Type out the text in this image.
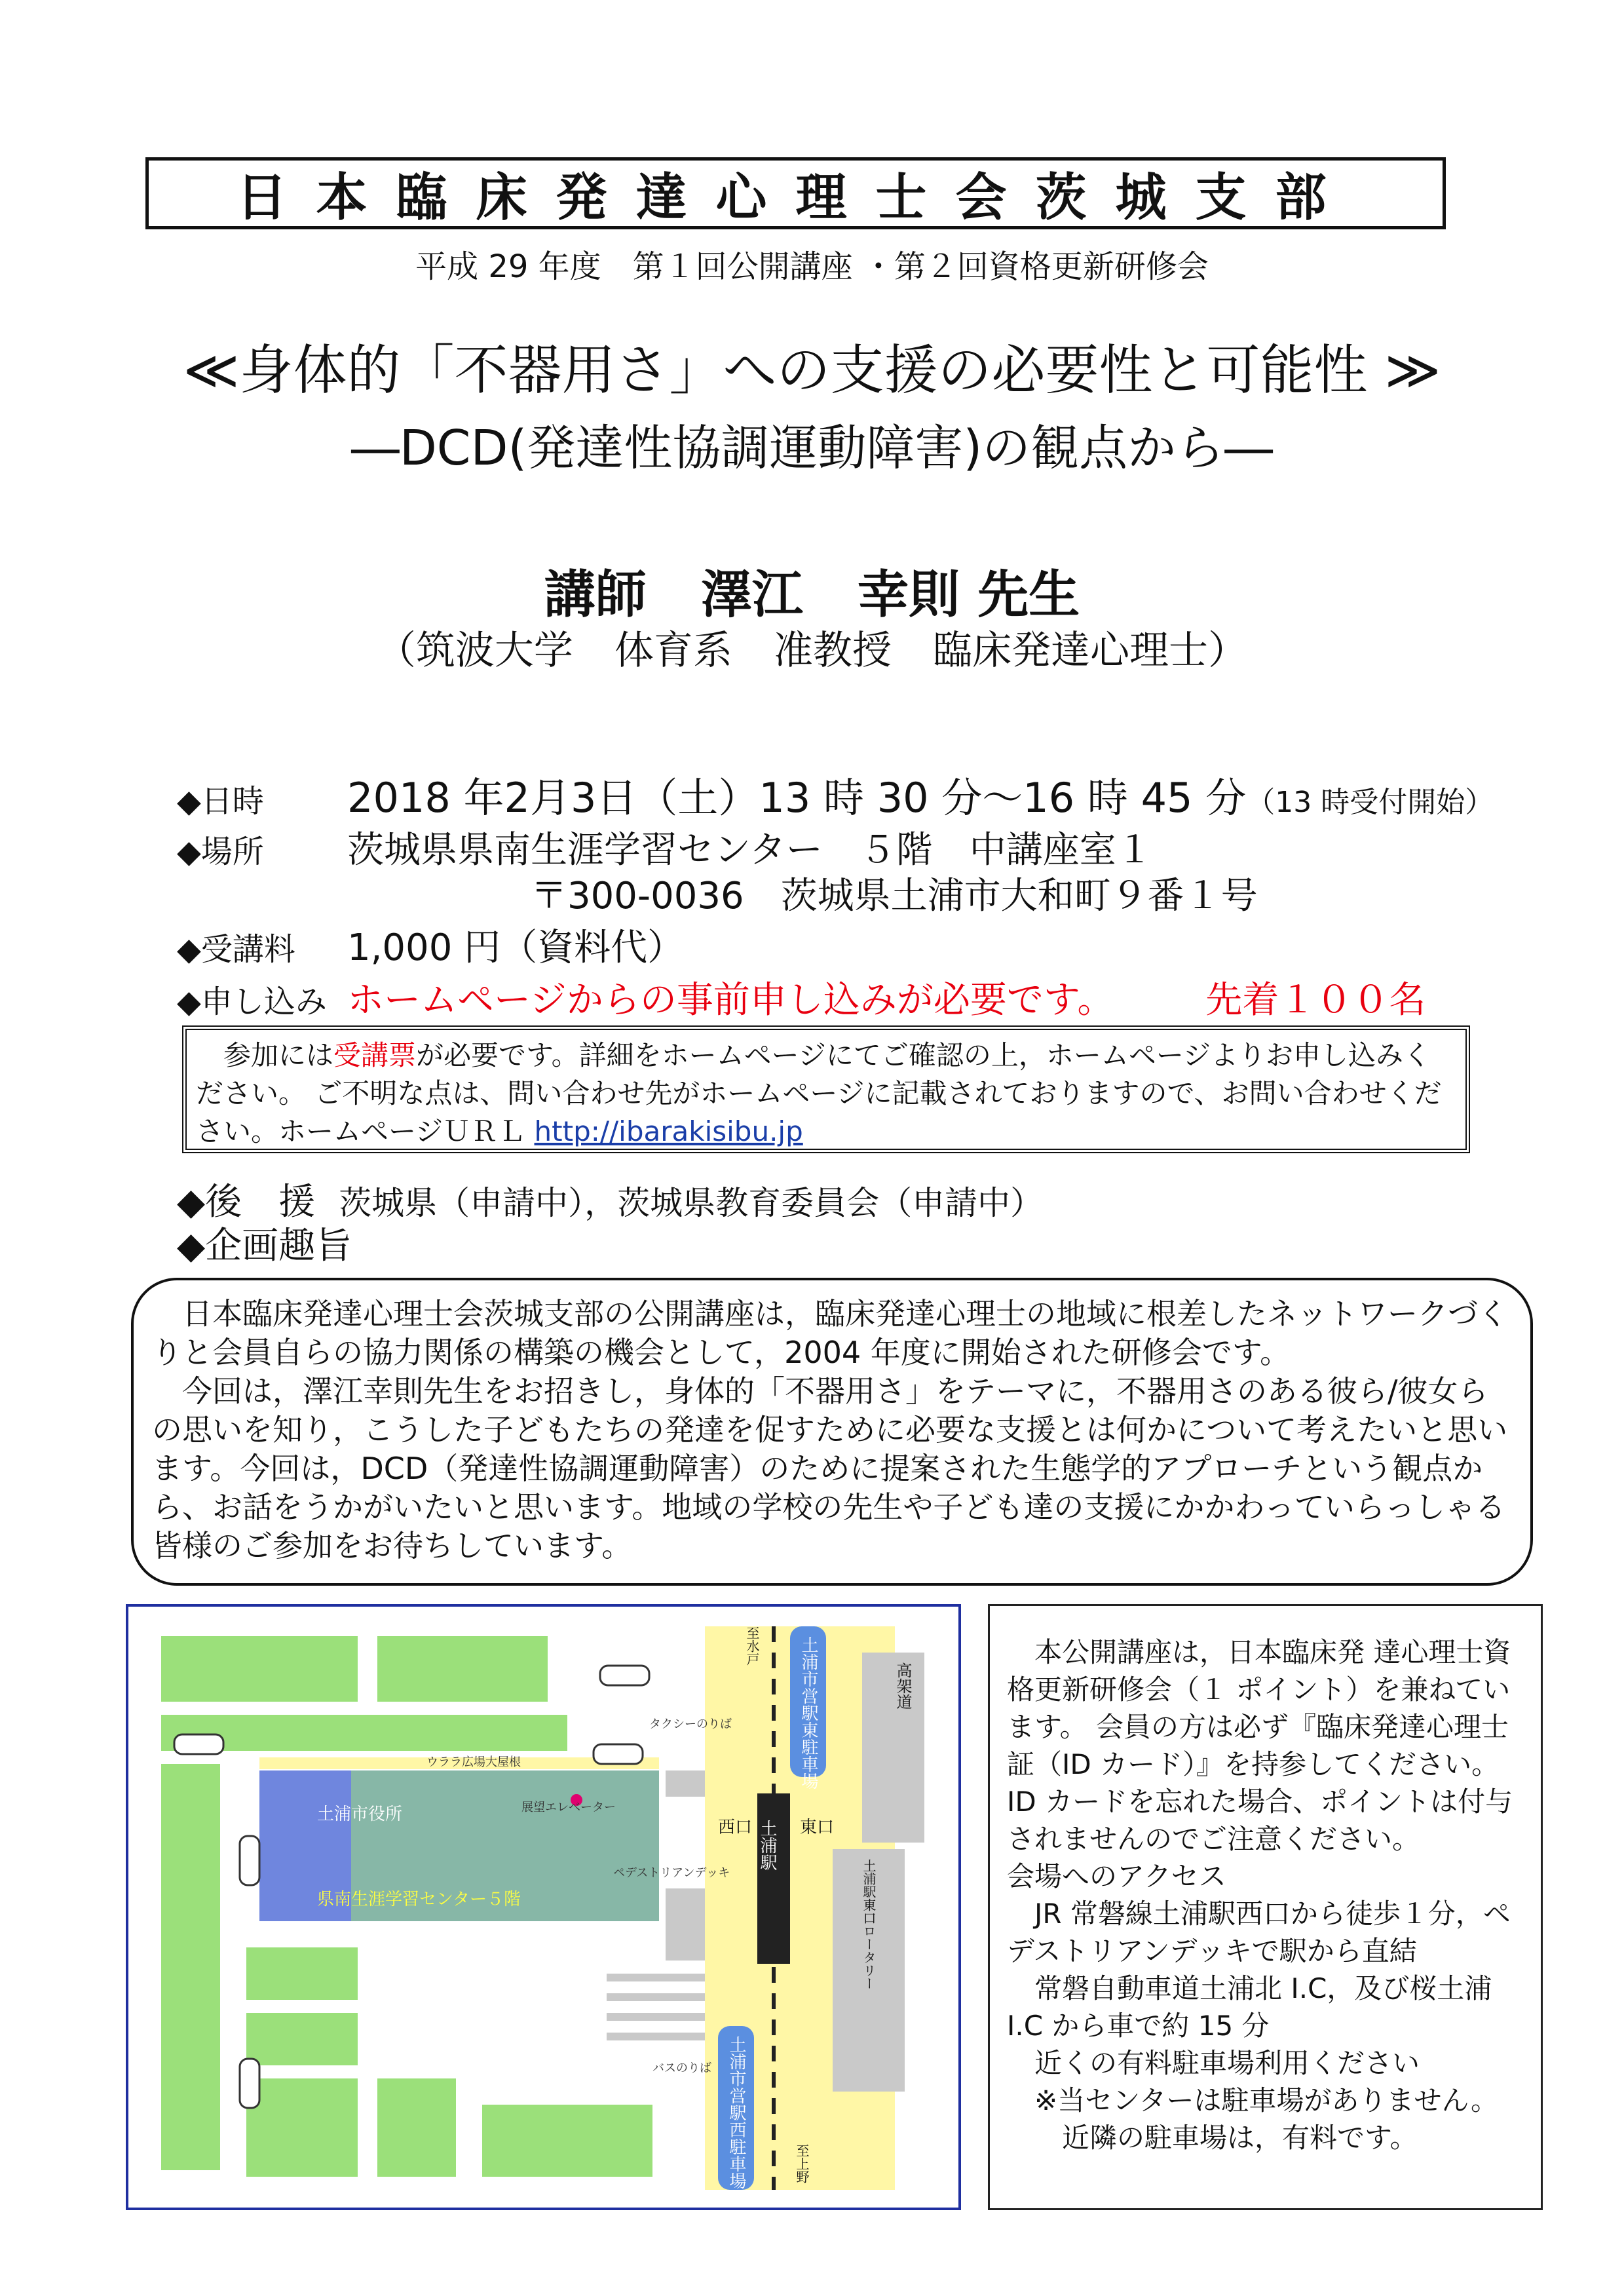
日本臨床発達心理士会茨城支部
平成 29 年度　第１回公開講座 ・第２回資格更新研修会
≪身体的「不器用さ」への支援の必要性と可能性 ≫
―DCD(発達性協調運動障害)の観点から―
講師 澤江 幸則 先生
（筑波大学 体育系 准教授 臨床発達心理士）
◆日時 2018 年2月3日（土）13 時 30 分～16 時 45 分（13 時受付開始）
◆場所 茨城県県南生涯学習センター　５階　中講座室１
〒300-0036　茨城県土浦市大和町９番１号
◆受講料 1,000 円（資料代）
◆申し込み ホームページからの事前申し込みが必要です。	先着１００名
参加には受講票が必要です。詳細をホームページにてご確認の上，ホームページよりお申し込みください。 ご不明な点は、問い合わせ先がホームページに記載されておりますので、お問い合わせください。ホームページＵＲＬ http://ibarakisibu.jp
◆後　援 茨城県（申請中），茨城県教育委員会（申請中）
◆企画趣旨
日本臨床発達心理士会茨城支部の公開講座は，臨床発達心理士の地域に根差したネットワークづくりと会員自らの協力関係の構築の機会として，2004 年度に開始された研修会です。
今回は，澤江幸則先生をお招きし，身体的「不器用さ」をテーマに，不器用さのある彼ら/彼女らの思いを知り，こうした子どもたちの発達を促すために必要な支援とは何かについて考えたいと思います。今回は，DCD（発達性協調運動障害）のために提案された生態学的アプローチという観点から、お話をうかがいたいと思います。地域の学校の先生や子ども達の支援にかかわっていらっしゃる皆様のご参加をお待ちしています。
土浦市役所
県南生涯学習センター５階
ウララ広場大屋根
展望エレベーター
タクシーのりば
ペデストリアンデッキ
バスのりば
西口	東口
土浦駅
至水戸
至上野
土浦市営駅東駐車場
土浦市営駅西駐車場
高架道
土浦駅東口ロータリー

　本公開講座は，日本臨床発 達心理士資格更新研修会（１ ポイント）を兼ねています。 会員の方は必ず『臨床発達心理士証（ID カード）』を持参してください。ID カードを忘れた場合、ポイントは付与されませんのでご注意ください。

会場へのアクセス

　JR 常磐線土浦駅西口から徒歩１分，ペデストリアンデッキで駅から直結

　常磐自動車道土浦北 I.C，及び桜土浦 I.C から車で約 15 分

　近くの有料駐車場利用ください

　※当センターは駐車場がありません。

　　近隣の駐車場は，有料です。
